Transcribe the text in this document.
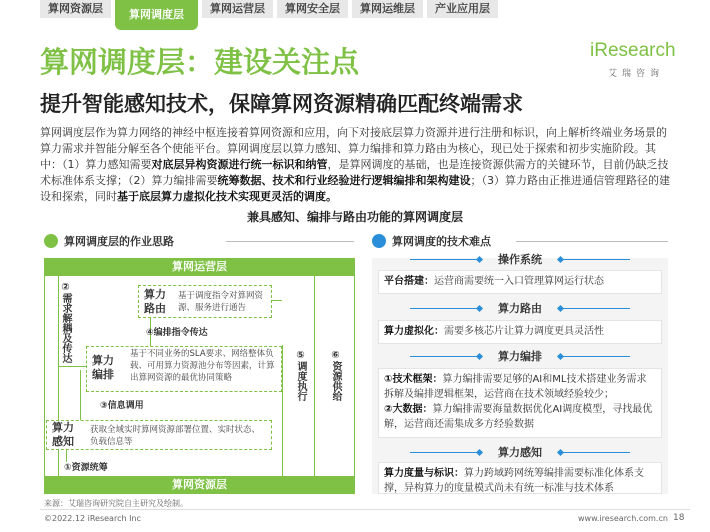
算网资源层	算网调度层	算网运营层	算网安全层	算网运维层	产业应用层
算网调度层：建设关注点
提升智能感知技术，保障算网资源精确匹配终端需求
iResearch
艾瑞咨询
算网调度层作为算力网络的神经中枢连接着算网资源和应用，向下对接底层算力资源并进行注册和标识，向上解析终端业务场景的算力需求并智能分解至各个使能平台。算网调度层以算力感知、算力编排和算力路由为核心，现已处于探索和初步实施阶段。其中：（1）算力感知需要对底层异构资源进行统一标识和纳管，是算网调度的基础，也是连接资源供需方的关键环节，目前仍缺乏技术标准体系支撑；（2）算力编排需要统筹数据、技术和行业经验进行逻辑编排和架构建设；（3）算力路由正推进通信管理路径的建设和探索，同时基于底层算力虚拟化技术实现更灵活的调度。
兼具感知、编排与路由功能的算网调度层
算网调度层的作业思路	算网调度的技术难点
算网运营层
算网资源层
②需求解耦及传达
⑤调度执行 ⑥资源供给
算力路由
基于调度指令对算网资源、服务进行通告
④编排指令传达
算力编排
基于不同业务的SLA要求、网络整体负载、可用算力资源池分布等因素，计算出算网资源的最优协同策略
③信息调用
算力感知
获取全域实时算网资源部署位置、实时状态、负载信息等
①资源统筹
操作系统
平台搭建：运营商需要统一入口管理算网运行状态
算力路由
算力虚拟化：需要多核芯片让算力调度更具灵活性
算力编排
①技术框架：算力编排需要足够的AI和ML技术搭建业务需求拆解及编排逻辑框架，运营商在技术领域经验较少；
②大数据：算力编排需要海量数据优化AI调度模型，寻找最优解，运营商还需集成多方经验数据
算力感知
算力度量与标识：算力跨域跨网统筹编排需要标准化体系支撑，异构算力的度量模式尚未有统一标准与技术体系
来源：艾瑞咨询研究院自主研究及绘制。
©2022.12 iResearch Inc	www.iresearch.com.cn 18
